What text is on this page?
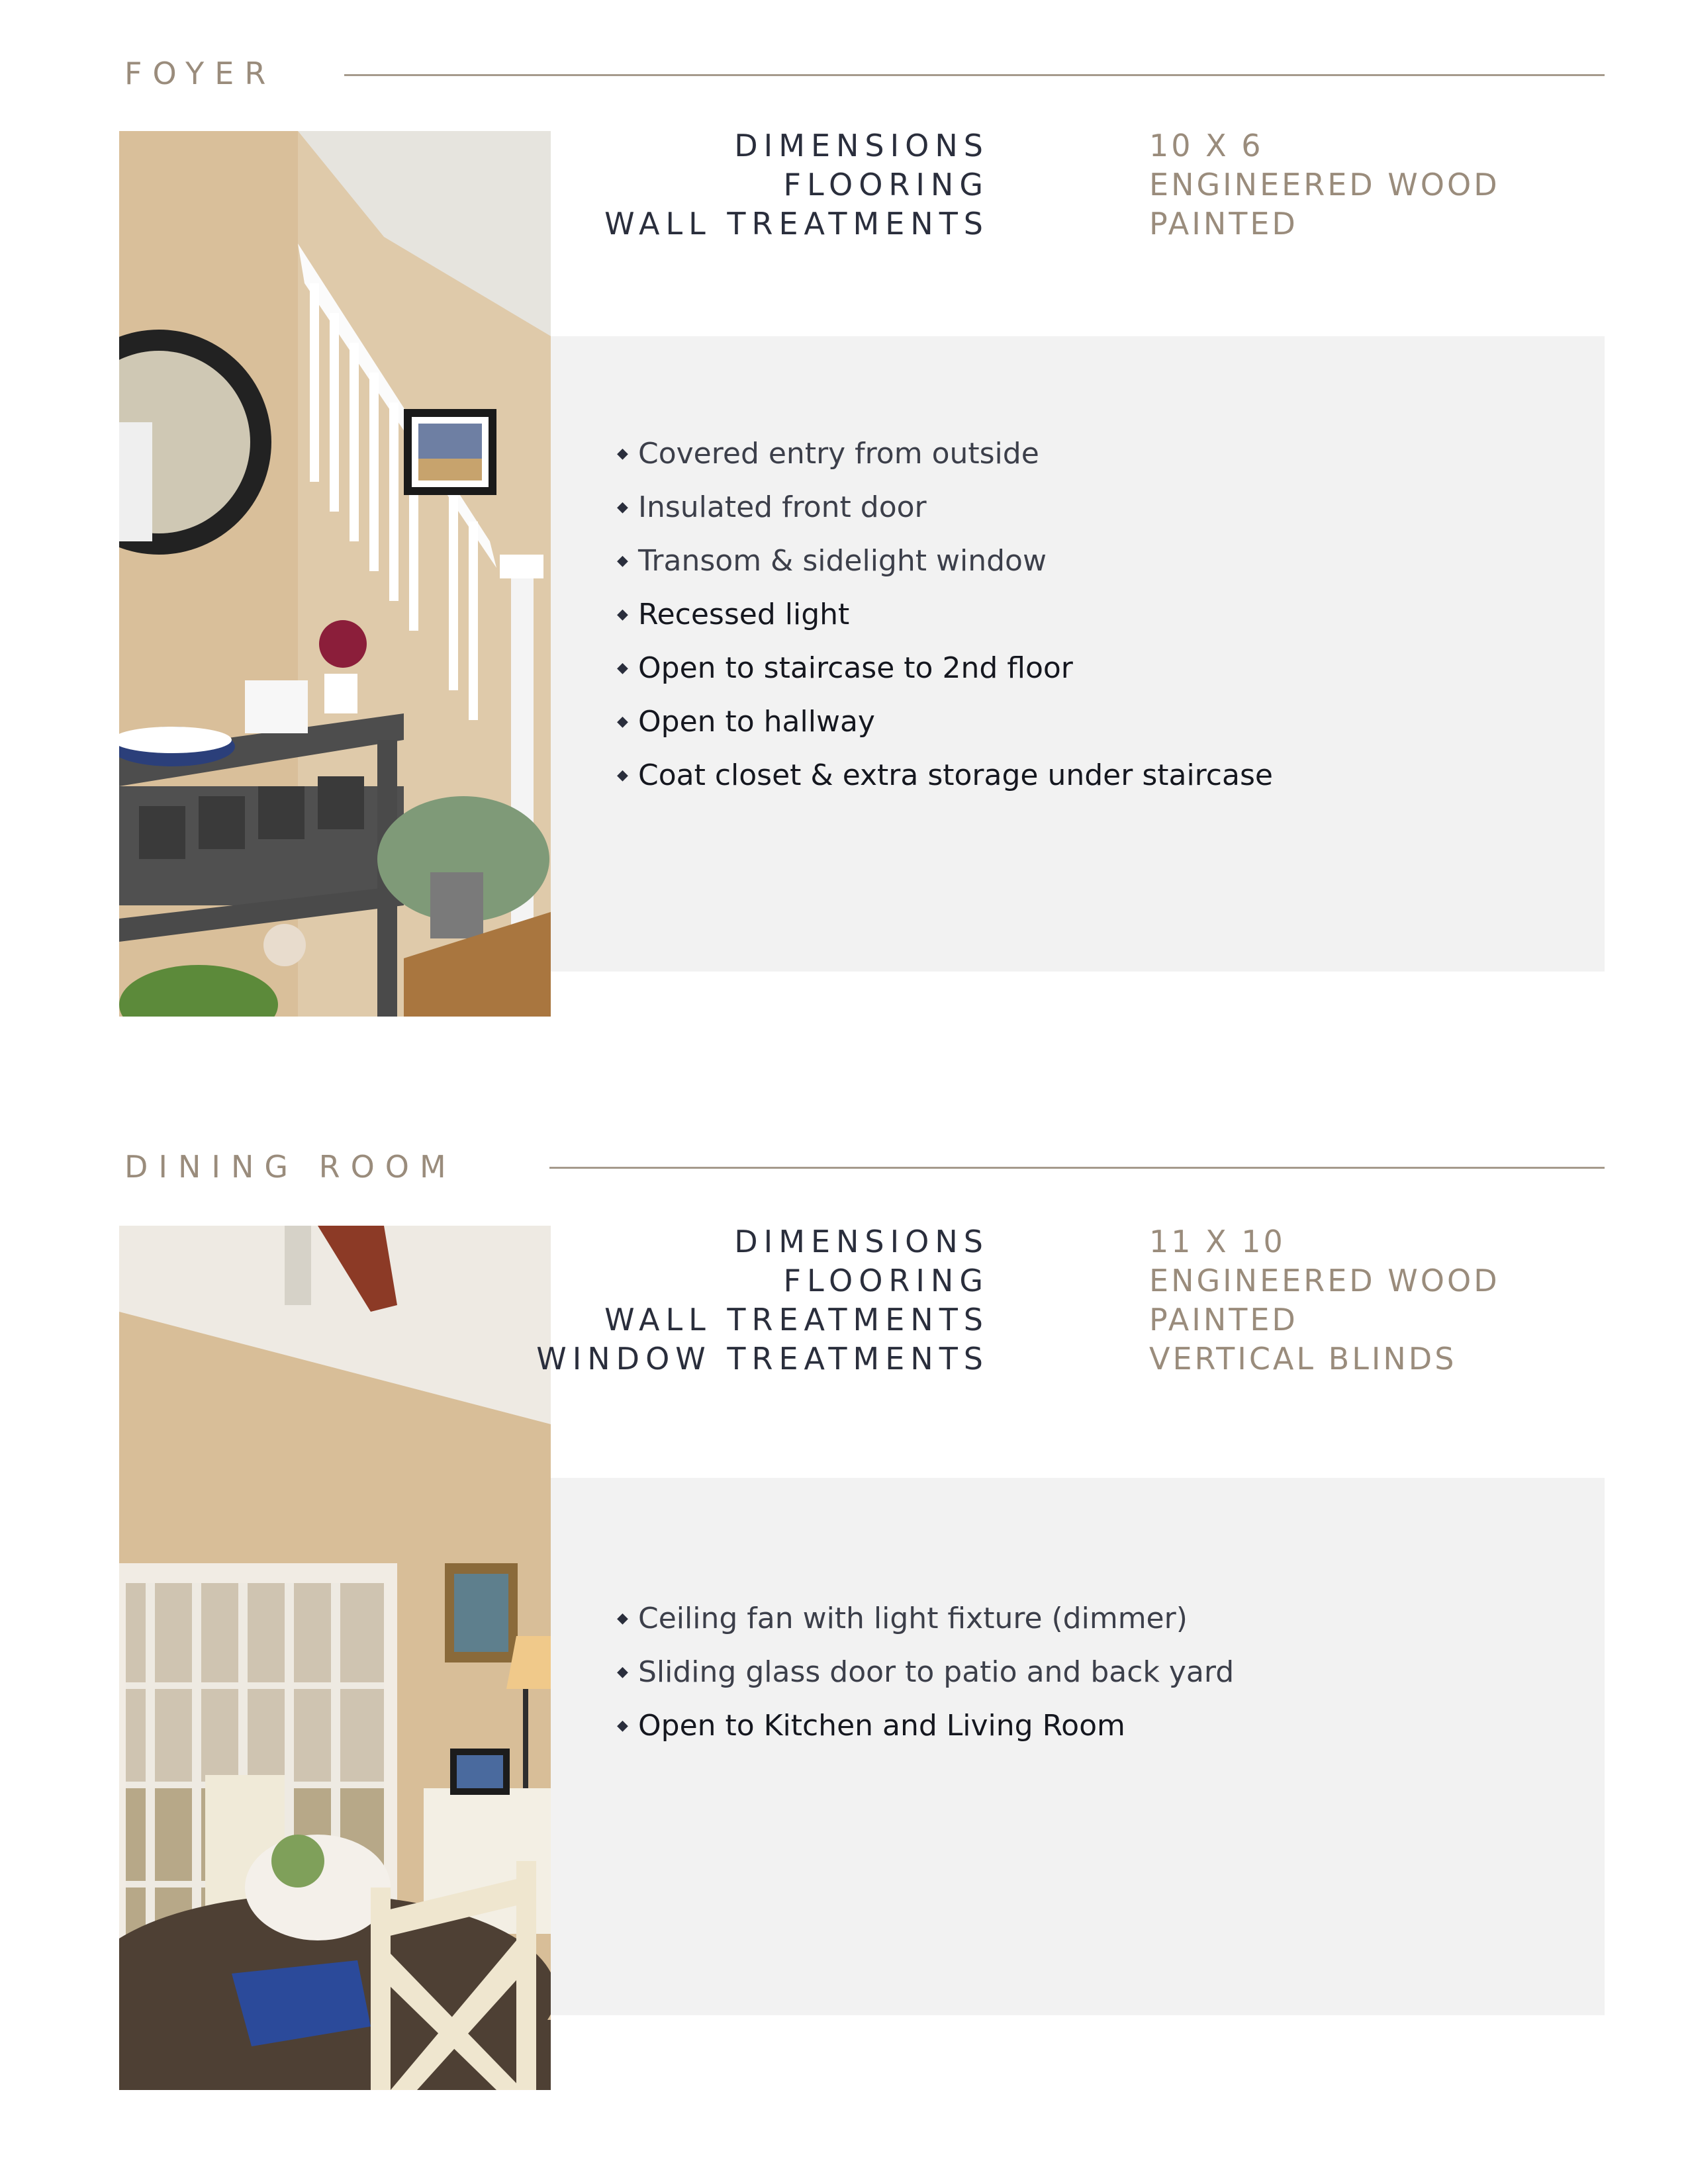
FOYER
DIMENSIONS	10 X 6
FLOORING	ENGINEERED WOOD
WALL TREATMENTS	PAINTED
◆ Covered entry from outside
◆ Insulated front door
◆ Transom & sidelight window
◆ Recessed light
◆ Open to staircase to 2nd floor
◆ Open to hallway
◆ Coat closet & extra storage under staircase
DINING ROOM
DIMENSIONS	11 X 10
FLOORING	ENGINEERED WOOD
WALL TREATMENTS	PAINTED
WINDOW TREATMENTS	VERTICAL BLINDS
◆ Ceiling fan with light fixture (dimmer)
◆ Sliding glass door to patio and back yard
◆ Open to Kitchen and Living Room
